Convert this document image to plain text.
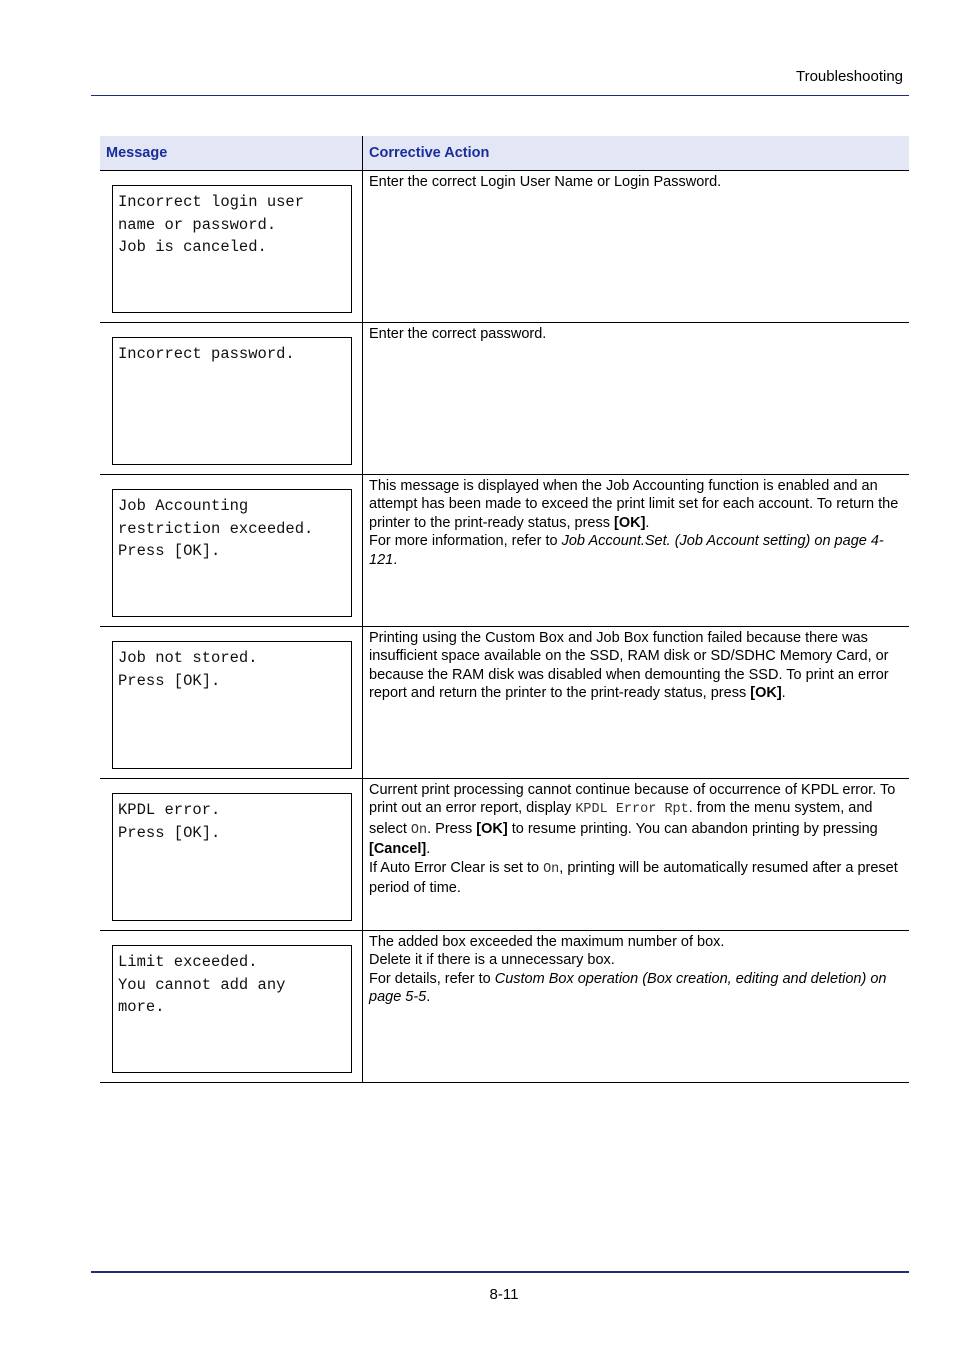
Troubleshooting
Message	Corrective Action
Incorrect login user
name or password.
Job is canceled.

Enter the correct Login User Name or Login Password.

Incorrect password.

Enter the correct password.

Job Accounting
restriction exceeded.
Press [OK].

This message is displayed when the Job Accounting function is enabled and an attempt has been made to exceed the print limit set for each account. To return the printer to the print-ready status, press [OK].

For more information, refer to Job Account.Set. (Job Account setting) on page 4-121.

Job not stored.
Press [OK].

Printing using the Custom Box and Job Box function failed because there was insufficient space available on the SSD, RAM disk or SD/SDHC Memory Card, or because the RAM disk was disabled when demounting the SSD. To print an error report and return the printer to the print-ready status, press [OK].

KPDL error.
Press [OK].

Current print processing cannot continue because of occurrence of KPDL error. To print out an error report, display KPDL Error Rpt. from the menu system, and select On. Press [OK] to resume printing. You can abandon printing by pressing [Cancel].

If Auto Error Clear is set to On, printing will be automatically resumed after a preset period of time.

Limit exceeded.
You cannot add any
more.

The added box exceeded the maximum number of box.

Delete it if there is a unnecessary box.

For details, refer to Custom Box operation (Box creation, editing and deletion) on page 5-5.

8-11
